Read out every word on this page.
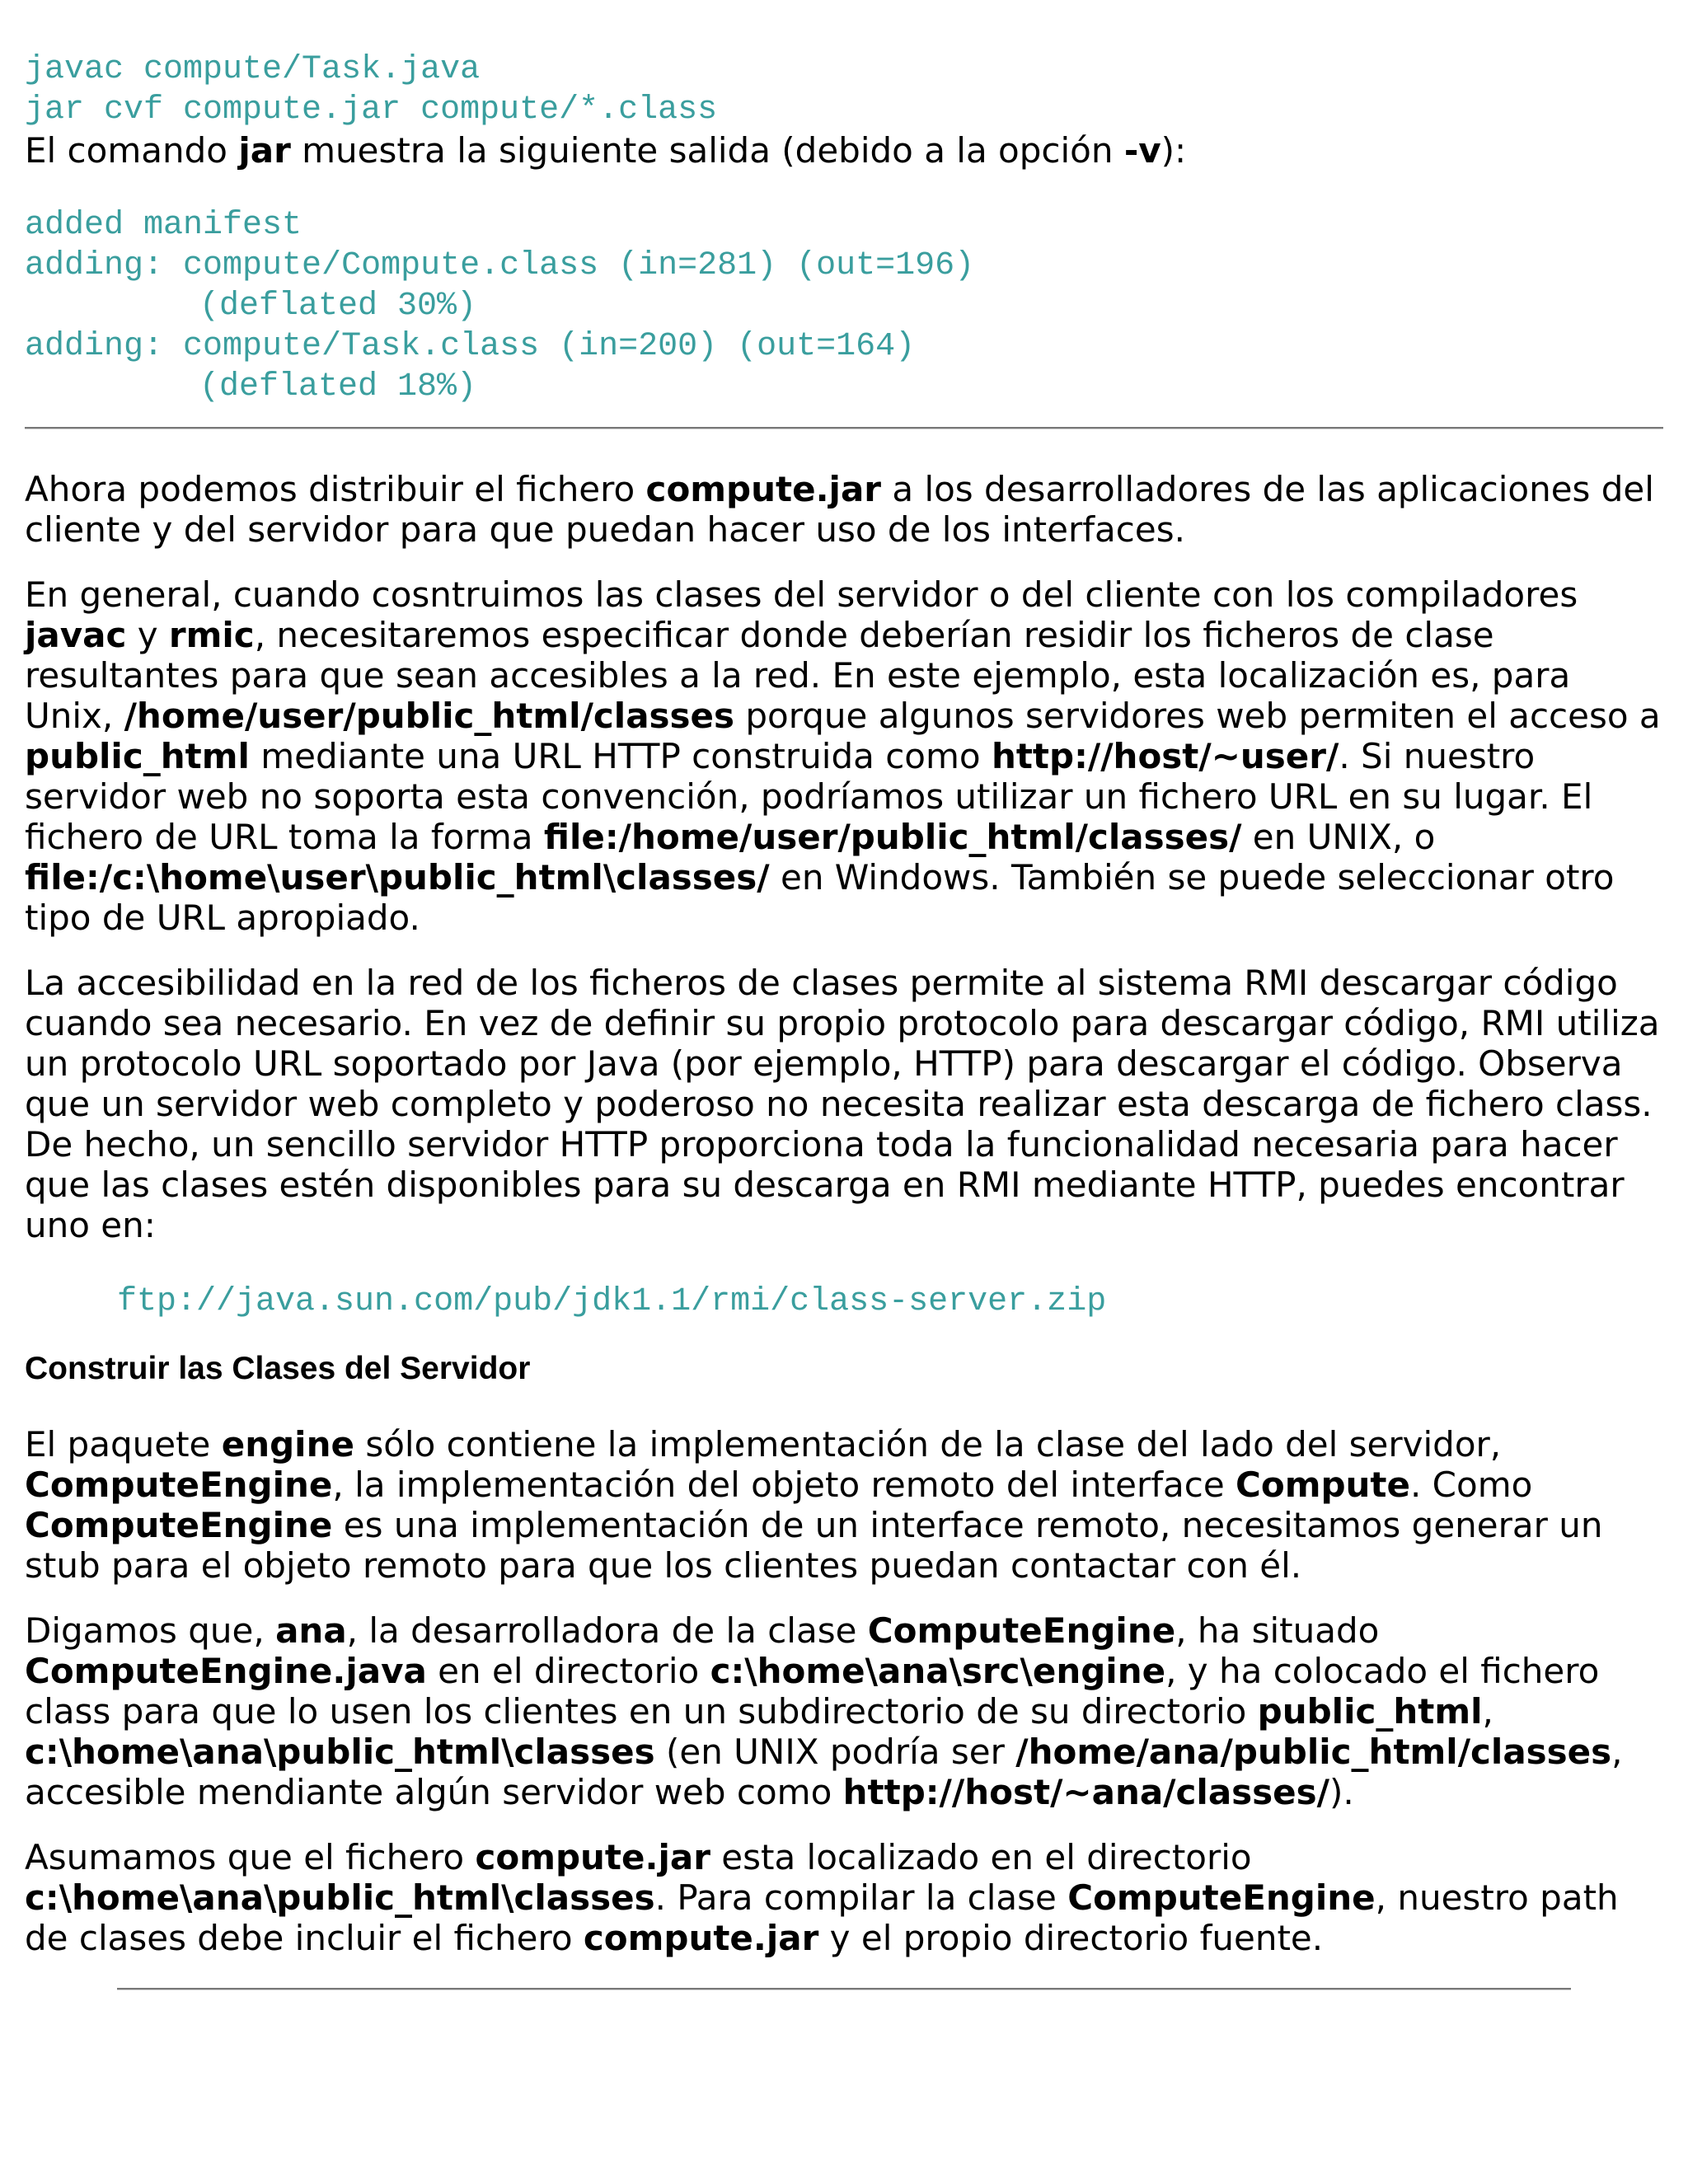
javac compute/Task.java
jar cvf compute.jar compute/*.class

El comando jar muestra la siguiente salida (debido a la opción -v):

added manifest
adding: compute/Compute.class (in=281) (out=196)
(deflated 30%)
adding: compute/Task.class (in=200) (out=164)
(deflated 18%)

Ahora podemos distribuir el fichero compute.jar a los desarrolladores de las aplicaciones del cliente y del servidor para que puedan hacer uso de los interfaces.

En general, cuando cosntruimos las clases del servidor o del cliente con los compiladores javac y rmic, necesitaremos especificar donde deberían residir los ficheros de clase resultantes para que sean accesibles a la red. En este ejemplo, esta localización es, para Unix, /home/user/public_html/classes porque algunos servidores web permiten el acceso a public_html mediante una URL HTTP construida como http://host/~user/. Si nuestro servidor web no soporta esta convención, podríamos utilizar un fichero URL en su lugar. El fichero de URL toma la forma file:/home/user/public_html/classes/ en UNIX, o file:/c:\home\user\public_html\classes/ en Windows. También se puede seleccionar otro tipo de URL apropiado.

La accesibilidad en la red de los ficheros de clases permite al sistema RMI descargar código cuando sea necesario. En vez de definir su propio protocolo para descargar código, RMI utiliza un protocolo URL soportado por Java (por ejemplo, HTTP) para descargar el código. Observa que un servidor web completo y poderoso no necesita realizar esta descarga de fichero class. De hecho, un sencillo servidor HTTP proporciona toda la funcionalidad necesaria para hacer que las clases estén disponibles para su descarga en RMI mediante HTTP, puedes encontrar uno en:

ftp://java.sun.com/pub/jdk1.1/rmi/class-server.zip
Construir las Clases del Servidor

El paquete engine sólo contiene la implementación de la clase del lado del servidor, ComputeEngine, la implementación del objeto remoto del interface Compute. Como ComputeEngine es una implementación de un interface remoto, necesitamos generar un stub para el objeto remoto para que los clientes puedan contactar con él.

Digamos que, ana, la desarrolladora de la clase ComputeEngine, ha situado ComputeEngine.java en el directorio c:\home\ana\src\engine, y ha colocado el fichero class para que lo usen los clientes en un subdirectorio de su directorio public_html, c:\home\ana\public_html\classes (en UNIX podría ser /home/ana/public_html/classes, accesible mendiante algún servidor web como http://host/~ana/classes/).

Asumamos que el fichero compute.jar esta localizado en el directorio c:\home\ana\public_html\classes. Para compilar la clase ComputeEngine, nuestro path de clases debe incluir el fichero compute.jar y el propio directorio fuente.
